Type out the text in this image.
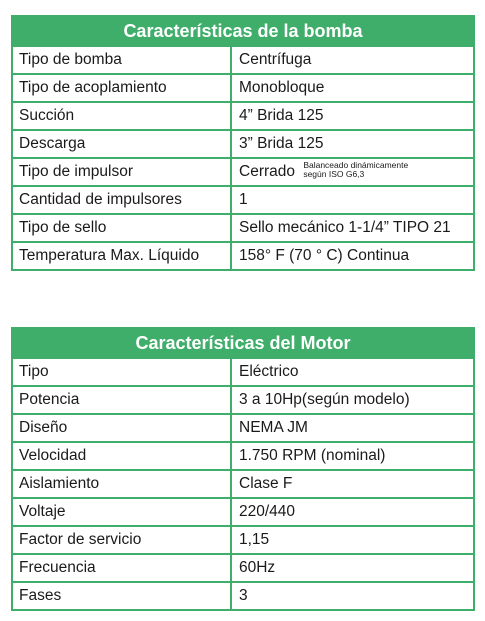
Características de la bomba
Tipo de bomba	Centrífuga
Tipo de acoplamiento	Monobloque
Succión	4” Brida 125
Descarga	3” Brida 125
Tipo de impulsor	Cerrado Balanceado dinámicamente
según ISO G6,3
Cantidad de impulsores	1
Tipo de sello	Sello mecánico 1-1/4” TIPO 21
Temperatura Max. Líquido	158° F (70 ° C) Continua
Características del Motor
Tipo	Eléctrico
Potencia	3 a 10Hp(según modelo)
Diseño	NEMA JM
Velocidad	1.750 RPM (nominal)
Aislamiento	Clase F
Voltaje	220/440
Factor de servicio	1,15
Frecuencia	60Hz
Fases	3
